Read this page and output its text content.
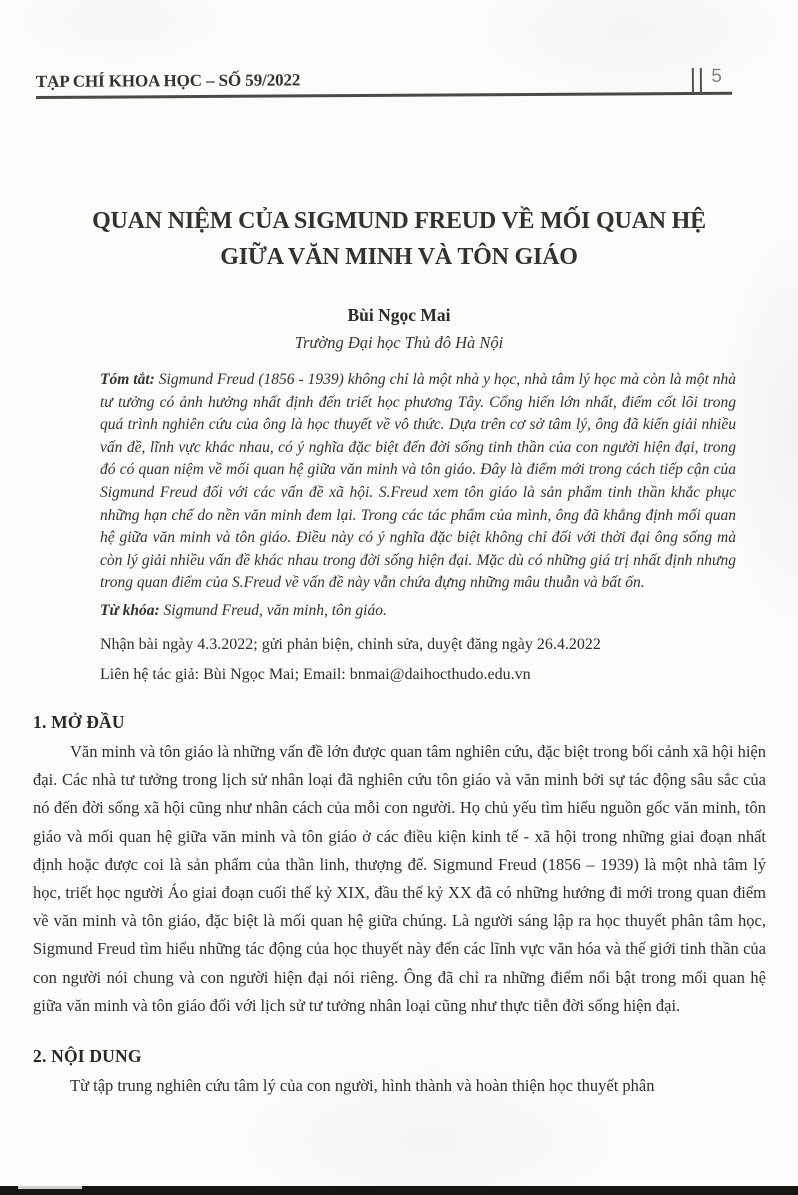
TẠP CHÍ KHOA HỌC – SỐ 59/2022	5
QUAN NIỆM CỦA SIGMUND FREUD VỀ MỐI QUAN HỆ
GIỮA VĂN MINH VÀ TÔN GIÁO
Bùi Ngọc Mai
Trường Đại học Thủ đô Hà Nội

Tóm tắt: Sigmund Freud (1856 - 1939) không chỉ là một nhà y học, nhà tâm lý học mà còn là một nhà tư tưởng có ảnh hưởng nhất định đến triết học phương Tây. Cống hiến lớn nhất, điểm cốt lõi trong quá trình nghiên cứu của ông là học thuyết về vô thức. Dựa trên cơ sở tâm lý, ông đã kiến giải nhiều vấn đề, lĩnh vực khác nhau, có ý nghĩa đặc biệt đến đời sống tinh thần của con người hiện đại, trong đó có quan niệm về mối quan hệ giữa văn minh và tôn giáo. Đây là điểm mới trong cách tiếp cận của Sigmund Freud đối với các vấn đề xã hội. S.Freud xem tôn giáo là sản phẩm tinh thần khắc phục những hạn chế do nền văn minh đem lại. Trong các tác phẩm của mình, ông đã khẳng định mối quan hệ giữa văn minh và tôn giáo. Điều này có ý nghĩa đặc biệt không chỉ đối với thời đại ông sống mà còn lý giải nhiều vấn đề khác nhau trong đời sống hiện đại. Mặc dù có những giá trị nhất định nhưng trong quan điểm của S.Freud về vấn đề này vẫn chứa đựng những mâu thuẫn và bất ổn.

Từ khóa: Sigmund Freud, văn minh, tôn giáo.

Nhận bài ngày 4.3.2022; gửi phản biện, chỉnh sửa, duyệt đăng ngày 26.4.2022

Liên hệ tác giả: Bùi Ngọc Mai; Email: bnmai@daihocthudo.edu.vn

1. MỞ ĐẦU

Văn minh và tôn giáo là những vấn đề lớn được quan tâm nghiên cứu, đặc biệt trong bối cảnh xã hội hiện đại. Các nhà tư tưởng trong lịch sử nhân loại đã nghiên cứu tôn giáo và văn minh bởi sự tác động sâu sắc của nó đến đời sống xã hội cũng như nhân cách của mỗi con người. Họ chủ yếu tìm hiểu nguồn gốc văn minh, tôn giáo và mối quan hệ giữa văn minh và tôn giáo ở các điều kiện kinh tế - xã hội trong những giai đoạn nhất định hoặc được coi là sản phẩm của thần linh, thượng đế. Sigmund Freud (1856 – 1939) là một nhà tâm lý học, triết học người Áo giai đoạn cuối thế kỷ XIX, đầu thế kỷ XX đã có những hướng đi mới trong quan điểm về văn minh và tôn giáo, đặc biệt là mối quan hệ giữa chúng. Là người sáng lập ra học thuyết phân tâm học, Sigmund Freud tìm hiểu những tác động của học thuyết này đến các lĩnh vực văn hóa và thế giới tinh thần của con người nói chung và con người hiện đại nói riêng. Ông đã chỉ ra những điểm nổi bật trong mối quan hệ giữa văn minh và tôn giáo đối với lịch sử tư tưởng nhân loại cũng như thực tiễn đời sống hiện đại.

2. NỘI DUNG

Từ tập trung nghiên cứu tâm lý của con người, hình thành và hoàn thiện học thuyết phân
